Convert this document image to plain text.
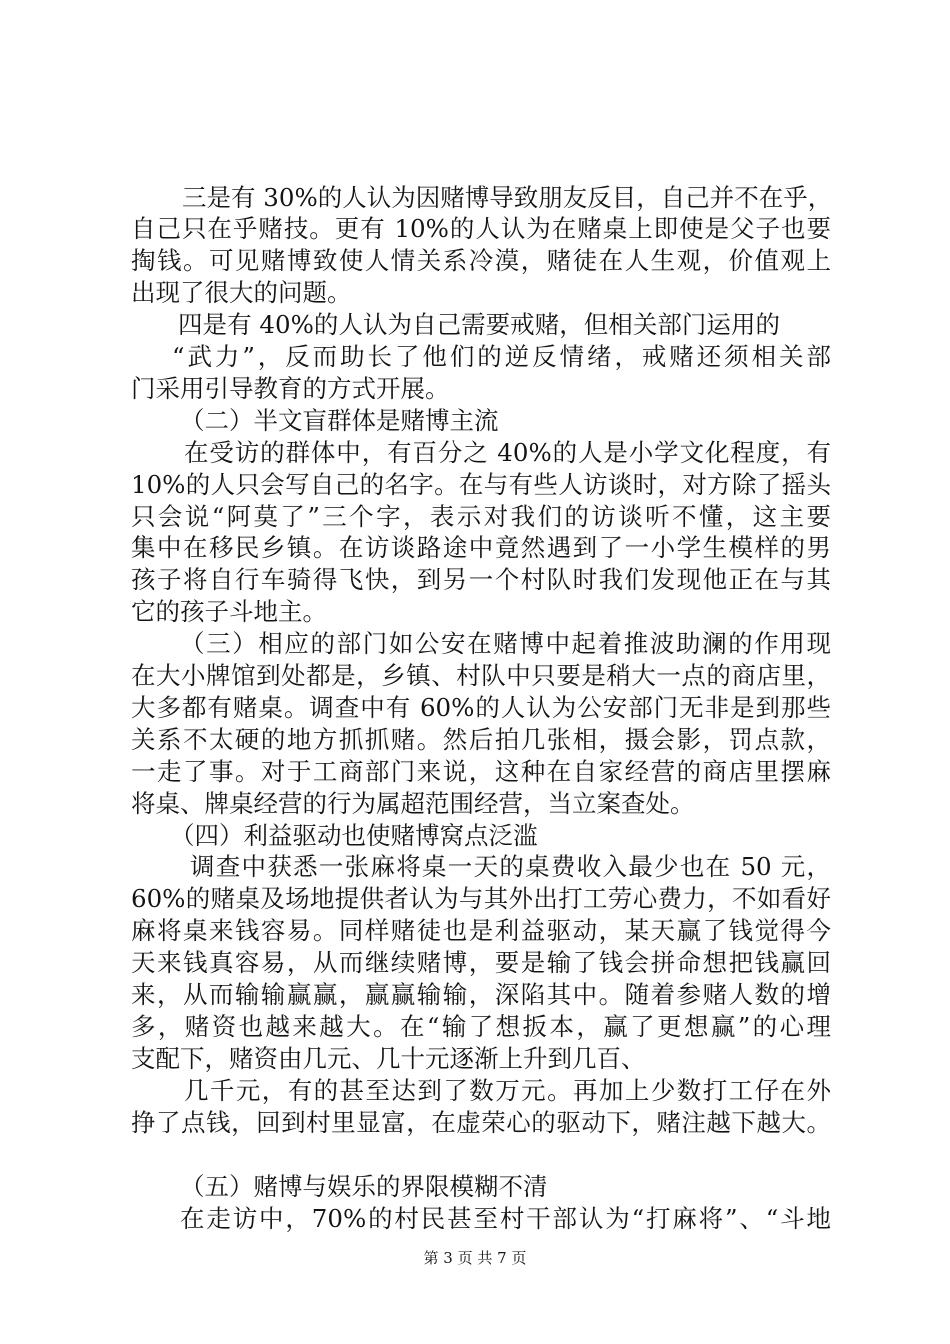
三是有 30%的人认为因赌博导致朋友反目，自己并不在乎，
自己只在乎赌技。更有 10%的人认为在赌桌上即使是父子也要
掏钱。可见赌博致使人情关系冷漠，赌徒在人生观，价值观上
出现了很大的问题。
四是有 40%的人认为自己需要戒赌，但相关部门运用的
“武力”，反而助长了他们的逆反情绪，戒赌还须相关部
门采用引导教育的方式开展。
（二）半文盲群体是赌博主流
在受访的群体中，有百分之 40%的人是小学文化程度，有
10%的人只会写自己的名字。在与有些人访谈时，对方除了摇头
只会说“阿莫了”三个字，表示对我们的访谈听不懂，这主要
集中在移民乡镇。在访谈路途中竟然遇到了一小学生模样的男
孩子将自行车骑得飞快，到另一个村队时我们发现他正在与其
它的孩子斗地主。
（三）相应的部门如公安在赌博中起着推波助澜的作用现
在大小牌馆到处都是，乡镇、村队中只要是稍大一点的商店里，
大多都有赌桌。调查中有 60%的人认为公安部门无非是到那些
关系不太硬的地方抓抓赌。然后拍几张相，摄会影，罚点款，
一走了事。对于工商部门来说，这种在自家经营的商店里摆麻
将桌、牌桌经营的行为属超范围经营，当立案查处。
（四）利益驱动也使赌博窝点泛滥
调查中获悉一张麻将桌一天的桌费收入最少也在 50 元，
60%的赌桌及场地提供者认为与其外出打工劳心费力，不如看好
麻将桌来钱容易。同样赌徒也是利益驱动，某天赢了钱觉得今
天来钱真容易，从而继续赌博，要是输了钱会拼命想把钱赢回
来，从而输输赢赢，赢赢输输，深陷其中。随着参赌人数的增
多，赌资也越来越大。在“输了想扳本，赢了更想赢”的心理
支配下，赌资由几元、几十元逐渐上升到几百、
几千元，有的甚至达到了数万元。再加上少数打工仔在外
挣了点钱，回到村里显富，在虚荣心的驱动下，赌注越下越大。
（五）赌博与娱乐的界限模糊不清
在走访中，70%的村民甚至村干部认为“打麻将”、“斗地
第 3 页 共 7 页
